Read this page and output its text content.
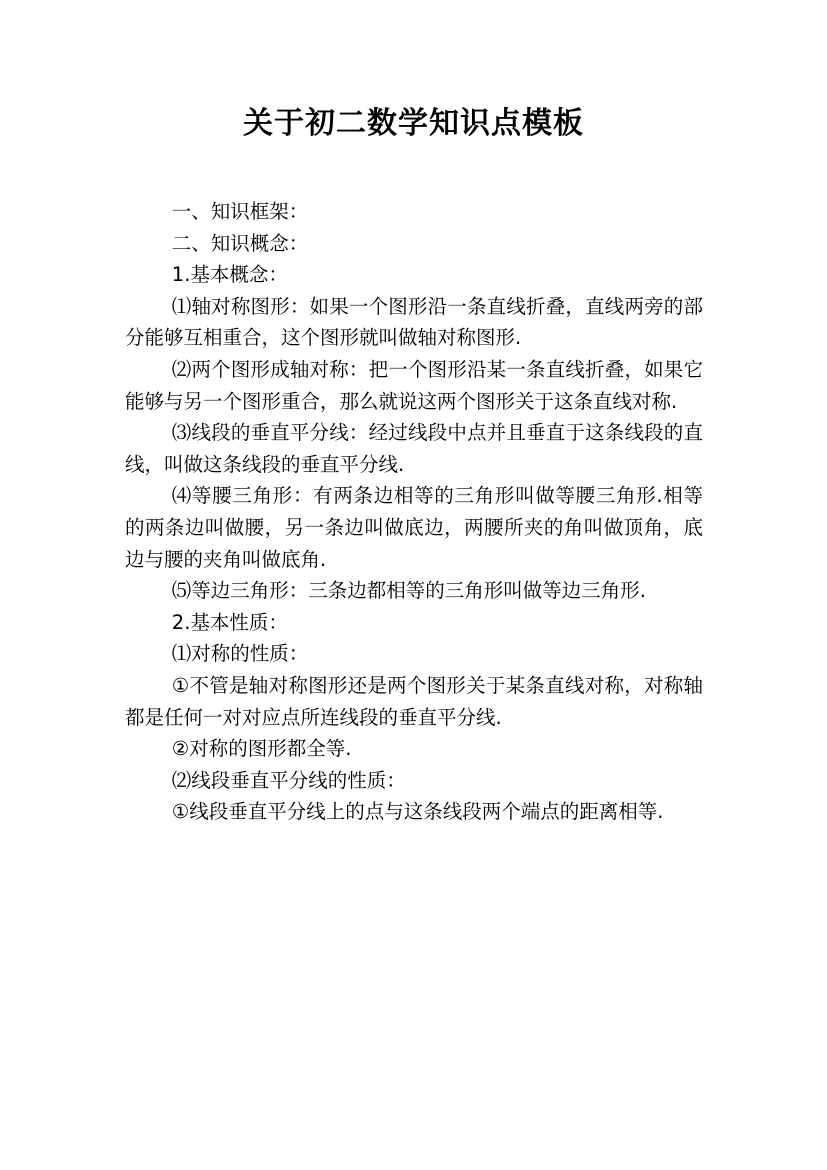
关于初二数学知识点模板

一、知识框架：

二、知识概念：

1.基本概念：

⑴轴对称图形：如果一个图形沿一条直线折叠，直线两旁的部分能够互相重合，这个图形就叫做轴对称图形.

⑵两个图形成轴对称：把一个图形沿某一条直线折叠，如果它能够与另一个图形重合，那么就说这两个图形关于这条直线对称.

⑶线段的垂直平分线：经过线段中点并且垂直于这条线段的直线，叫做这条线段的垂直平分线.

⑷等腰三角形：有两条边相等的三角形叫做等腰三角形.相等的两条边叫做腰，另一条边叫做底边，两腰所夹的角叫做顶角，底边与腰的夹角叫做底角.

⑸等边三角形：三条边都相等的三角形叫做等边三角形.

2.基本性质：

⑴对称的性质：

①不管是轴对称图形还是两个图形关于某条直线对称，对称轴都是任何一对对应点所连线段的垂直平分线.

②对称的图形都全等.

⑵线段垂直平分线的性质：

①线段垂直平分线上的点与这条线段两个端点的距离相等.
